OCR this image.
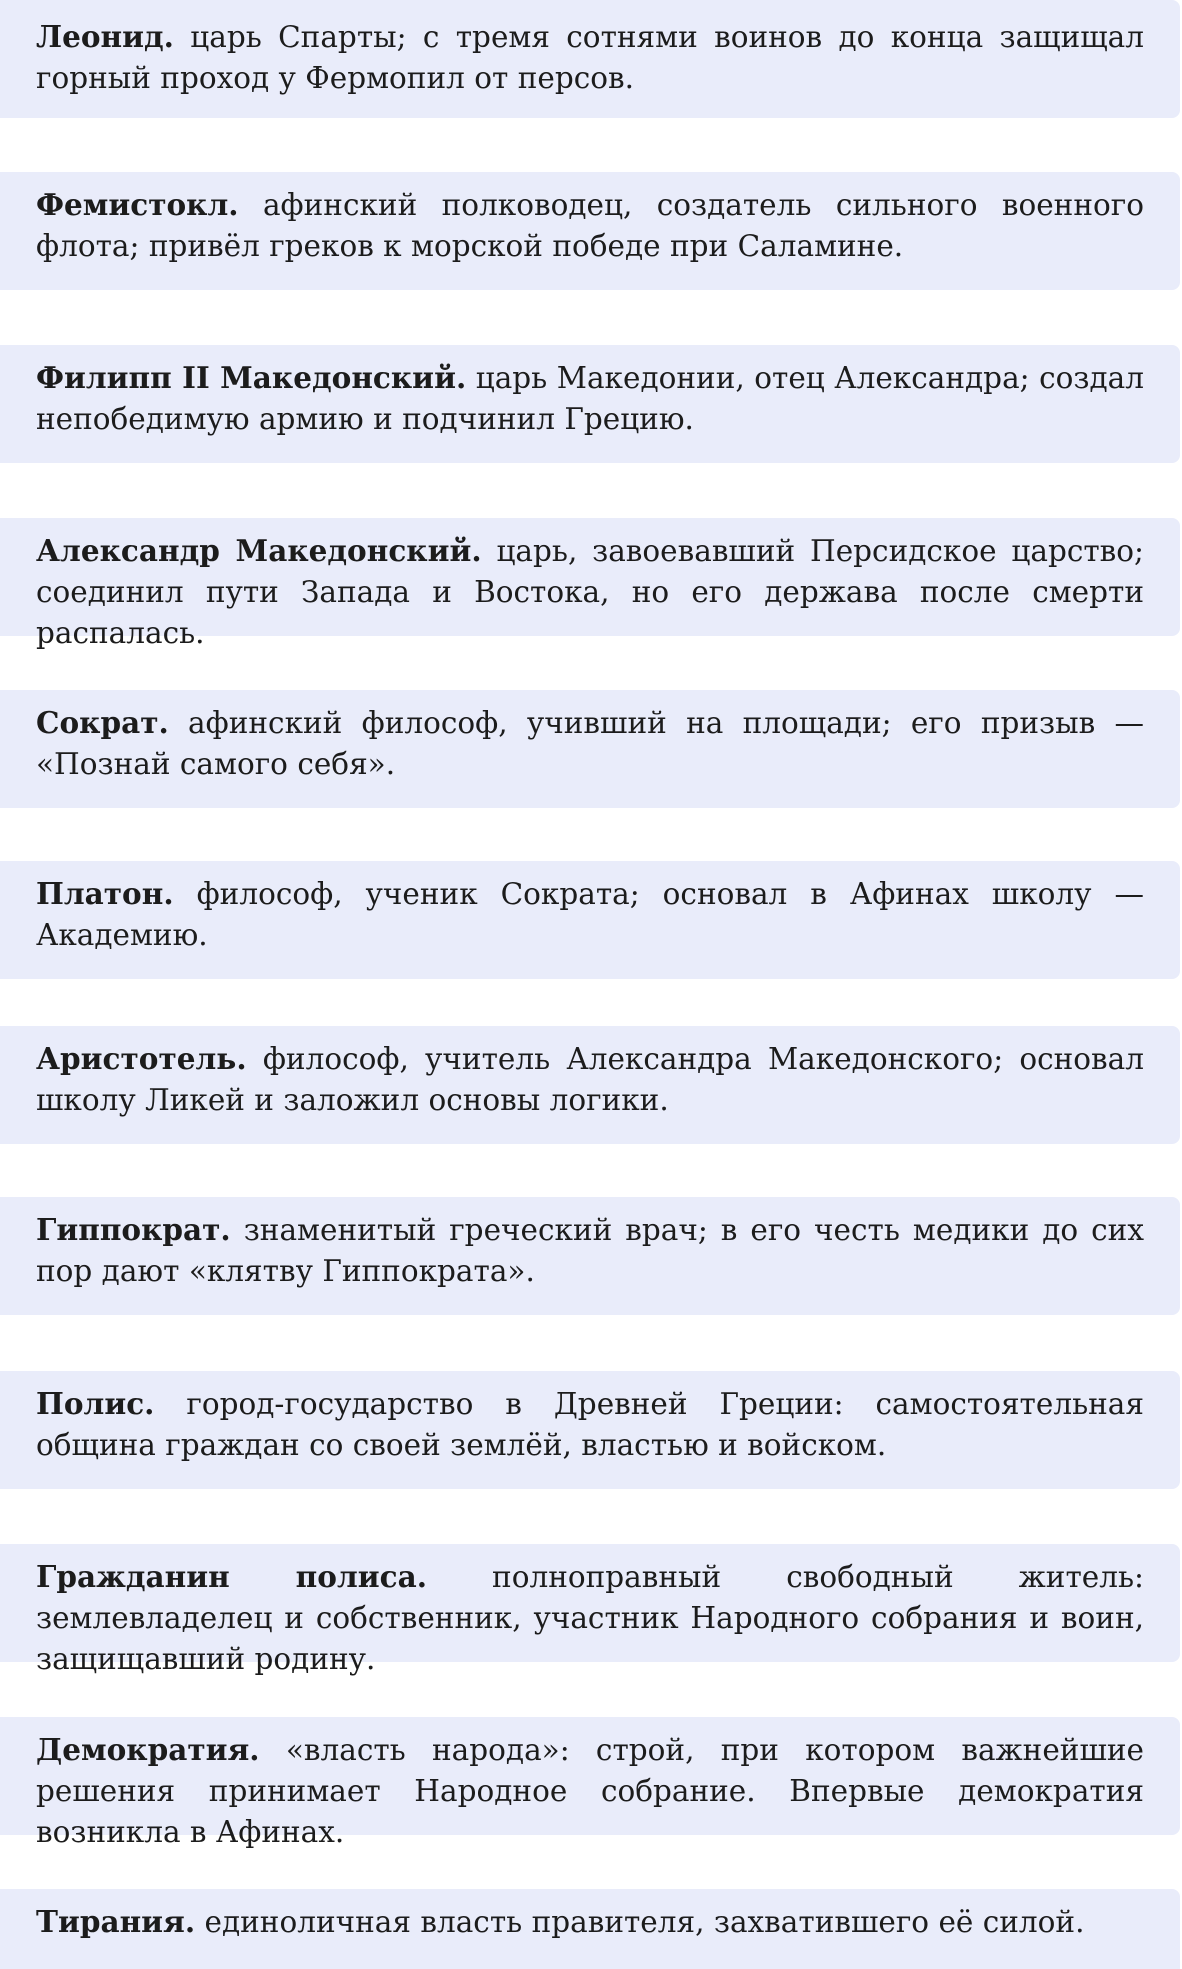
Леонид. царь Спарты; с тремя сотнями воинов до конца защищал горный проход у Фермопил от персов.
Фемистокл. афинский полководец, создатель сильного военного флота; привёл греков к морской победе при Саламине.
Филипп II Македонский. царь Македонии, отец Александра; создал непобедимую армию и подчинил Грецию.
Александр Македонский. царь, завоевавший Персидское царство; соединил пути Запада и Востока, но его держава после смерти распалась.
Сократ. афинский философ, учивший на площади; его призыв — «Познай самого себя».
Платон. философ, ученик Сократа; основал в Афинах школу — Академию.
Аристотель. философ, учитель Александра Македонского; основал школу Ликей и заложил основы логики.
Гиппократ. знаменитый греческий врач; в его честь медики до сих пор дают «клятву Гиппократа».
Полис. город-государство в Древней Греции: самостоятельная община граждан со своей землёй, властью и войском.
Гражданин полиса. полноправный свободный житель: землевладелец и собственник, участник Народного собрания и воин, защищавший родину.
Демократия. «власть народа»: строй, при котором важнейшие решения принимает Народное собрание. Впервые демократия возникла в Афинах.
Тирания. единоличная власть правителя, захватившего её силой.
